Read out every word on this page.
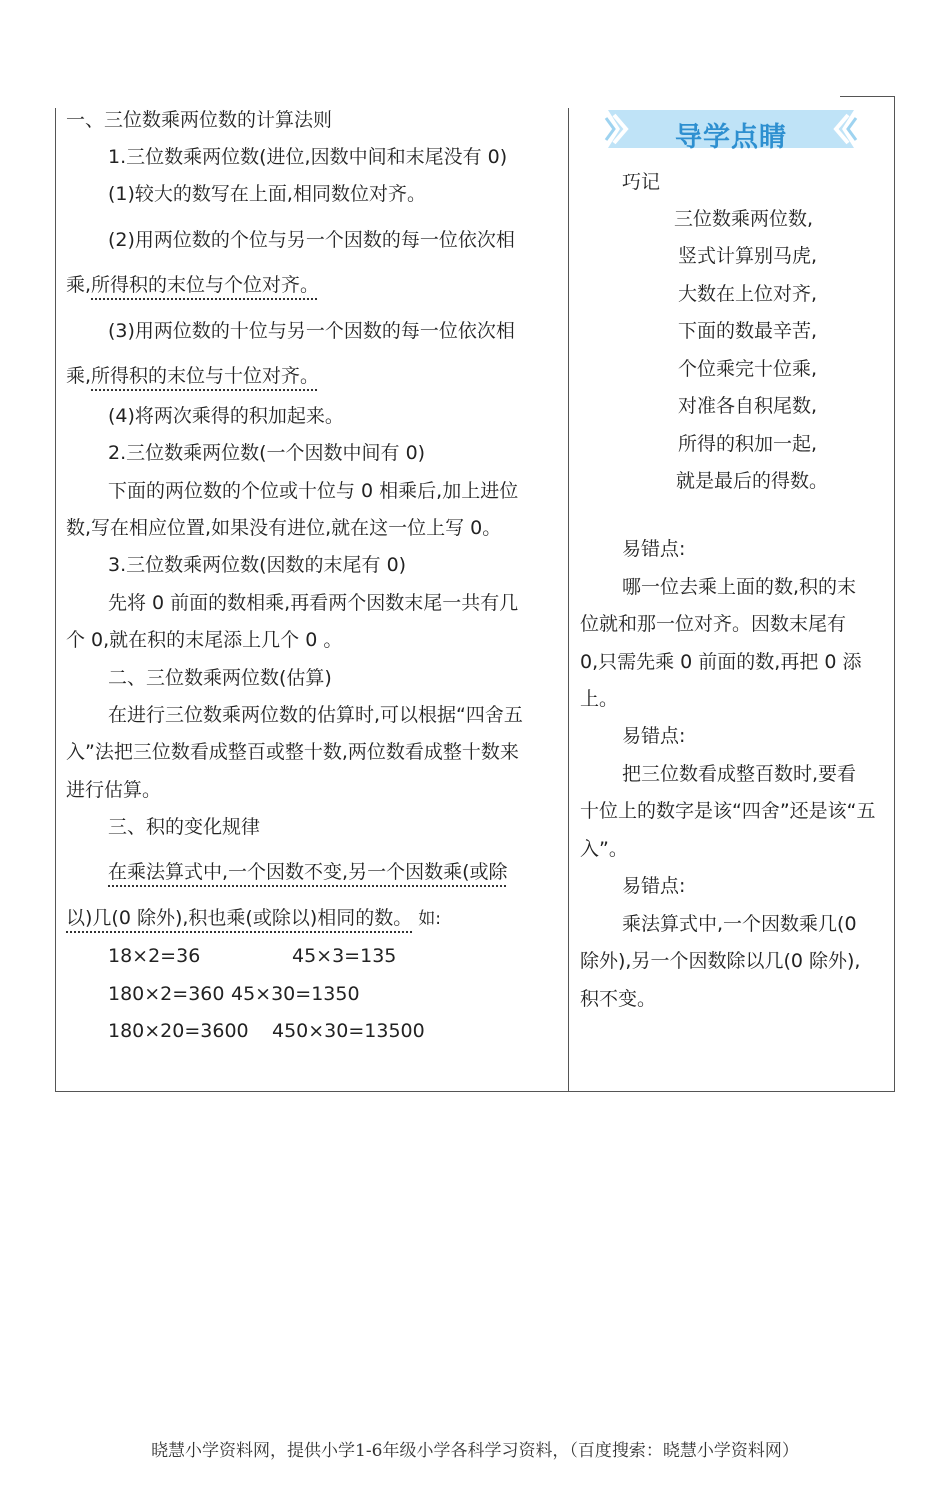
一、三位数乘两位数的计算法则
1.三位数乘两位数(进位,因数中间和末尾没有 0)
(1)较大的数写在上面,相同数位对齐。
(2)用两位数的个位与另一个因数的每一位依次相
乘,所得积的末位与个位对齐。
(3)用两位数的十位与另一个因数的每一位依次相
乘,所得积的末位与十位对齐。
(4)将两次乘得的积加起来。
2.三位数乘两位数(一个因数中间有 0)
下面的两位数的个位或十位与 0 相乘后,加上进位
数,写在相应位置,如果没有进位,就在这一位上写 0。
3.三位数乘两位数(因数的末尾有 0)
先将 0 前面的数相乘,再看两个因数末尾一共有几
个 0,就在积的末尾添上几个 0 。
二、三位数乘两位数(估算)
在进行三位数乘两位数的估算时,可以根据“四舍五
入”法把三位数看成整百或整十数,两位数看成整十数来
进行估算。
三、积的变化规律
在乘法算式中,一个因数不变,另一个因数乘(或除
以)几(0 除外),积也乘(或除以)相同的数。 如:
18×2=36	45×3=135
180×2=360 45×30=1350
180×20=3600 450×30=13500
导学点睛
巧记
三位数乘两位数,
竖式计算别马虎,
大数在上位对齐,
下面的数最辛苦,
个位乘完十位乘,
对准各自积尾数,
所得的积加一起,
就是最后的得数。
易错点:
哪一位去乘上面的数,积的末
位就和那一位对齐。因数末尾有
0,只需先乘 0 前面的数,再把 0 添
上。
易错点:
把三位数看成整百数时,要看
十位上的数字是该“四舍”还是该“五
入”。
易错点:
乘法算式中,一个因数乘几(0
除外),另一个因数除以几(0 除外),
积不变。
晓慧小学资料网，提供小学1-6年级小学各科学习资料，（百度搜索：晓慧小学资料网）
